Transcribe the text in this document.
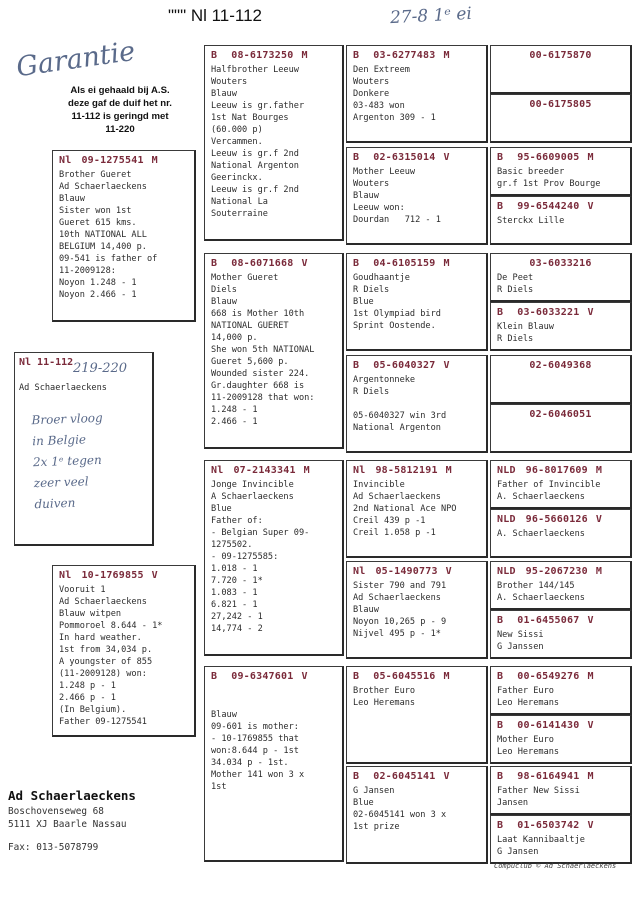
""" Nl 11-112	27-8 1ᵉ ei
Garantie
Als ei gehaald bij A.S.
deze gaf de duif het nr.
11-112 is geringd met
11-220
Nl 11-112
Ad Schaerlaeckens
219-220
Broer vloog
in Belgie
2x 1ᵉ tegen
zeer veel
duiven
Nl 09-1275541 M
Brother Gueret
Ad Schaerlaeckens
Blauw
Sister won 1st
Gueret 615 kms.
10th NATIONAL ALL
BELGIUM 14,400 p.
09-541 is father of
11-2009128:
Noyon 1.248 - 1
Noyon 2.466 - 1
Nl 10-1769855 V
Vooruit 1
Ad Schaerlaeckens
Blauw witpen
Pommoroel 8.644 - 1*
In hard weather.
1st from 34,034 p.
A youngster of 855
(11-2009128) won:
1.248 p - 1
2.466 p - 1
(In Belgium).
Father 09-1275541
B 08-6173250 M
Halfbrother Leeuw
Wouters
Blauw
Leeuw is gr.father
1st Nat Bourges
(60.000 p)
Vercammen.
Leeuw is gr.f 2nd
National Argenton
Geerinckx.
Leeuw is gr.f 2nd
National La
Souterraine
B 08-6071668 V
Mother Gueret
Diels
Blauw
668 is Mother 10th
NATIONAL GUERET
14,000 p.
She won 5th NATIONAL
Gueret 5,600 p.
Wounded sister 224.
Gr.daughter 668 is
11-2009128 that won:
1.248 - 1
2.466 - 1
Nl 07-2143341 M
Jonge Invincible
A Schaerlaeckens
Blue
Father of:
- Belgian Super 09-
1275502.
- 09-1275585:
1.018 - 1
7.720 - 1*
1.083 - 1
6.821 - 1
27,242 - 1
14,774 - 2
B 09-6347601 V
Blauw
09-601 is mother:
- 10-1769855 that
won:8.644 p - 1st
34.034 p - 1st.
Mother 141 won 3 x
1st
B 03-6277483 M
Den Extreem
Wouters
Donkere
03-483 won
Argenton 309 - 1
B 02-6315014 V
Mother Leeuw
Wouters
Blauw
Leeuw won:
Dourdan   712 - 1
B 04-6105159 M
Goudhaantje
R Diels
Blue
1st Olympiad bird
Sprint Oostende.
B 05-6040327 V
Argentonneke
R Diels
05-6040327 win 3rd
National Argenton
Nl 98-5812191 M
Invincible
Ad Schaerlaeckens
2nd National Ace NPO
Creil 439 p -1
Creil 1.058 p -1
Nl 05-1490773 V
Sister 790 and 791
Ad Schaerlaeckens
Blauw
Noyon 10,265 p - 9
Nijvel 495 p - 1*
B 05-6045516 M
Brother Euro
Leo Heremans
B 02-6045141 V
G Jansen
Blue
02-6045141 won 3 x
1st prize
00-6175870
00-6175805
B 95-6609005 M
Basic breeder
gr.f 1st Prov Bourge
B 99-6544240 V
Sterckx Lille
03-6033216
De Peet
R Diels
B 03-6033221 V
Klein Blauw
R Diels
02-6049368
02-6046051
NLD 96-8017609 M
Father of Invincible
A. Schaerlaeckens
NLD 96-5660126 V
A. Schaerlaeckens
NLD 95-2067230 M
Brother 144/145
A. Schaerlaeckens
B 01-6455067 V
New Sissi
G Janssen
B 00-6549276 M
Father Euro
Leo Heremans
B 00-6141430 V
Mother Euro
Leo Heremans
B 98-6164941 M
Father New Sissi
Jansen
B 01-6503742 V
Laat Kannibaaltje
G Jansen
Ad Schaerlaeckens
Boschovenseweg 68
5111 XJ Baarle Nassau
Fax: 013-5078799
Compuclub © Ad Schaerlaeckens
